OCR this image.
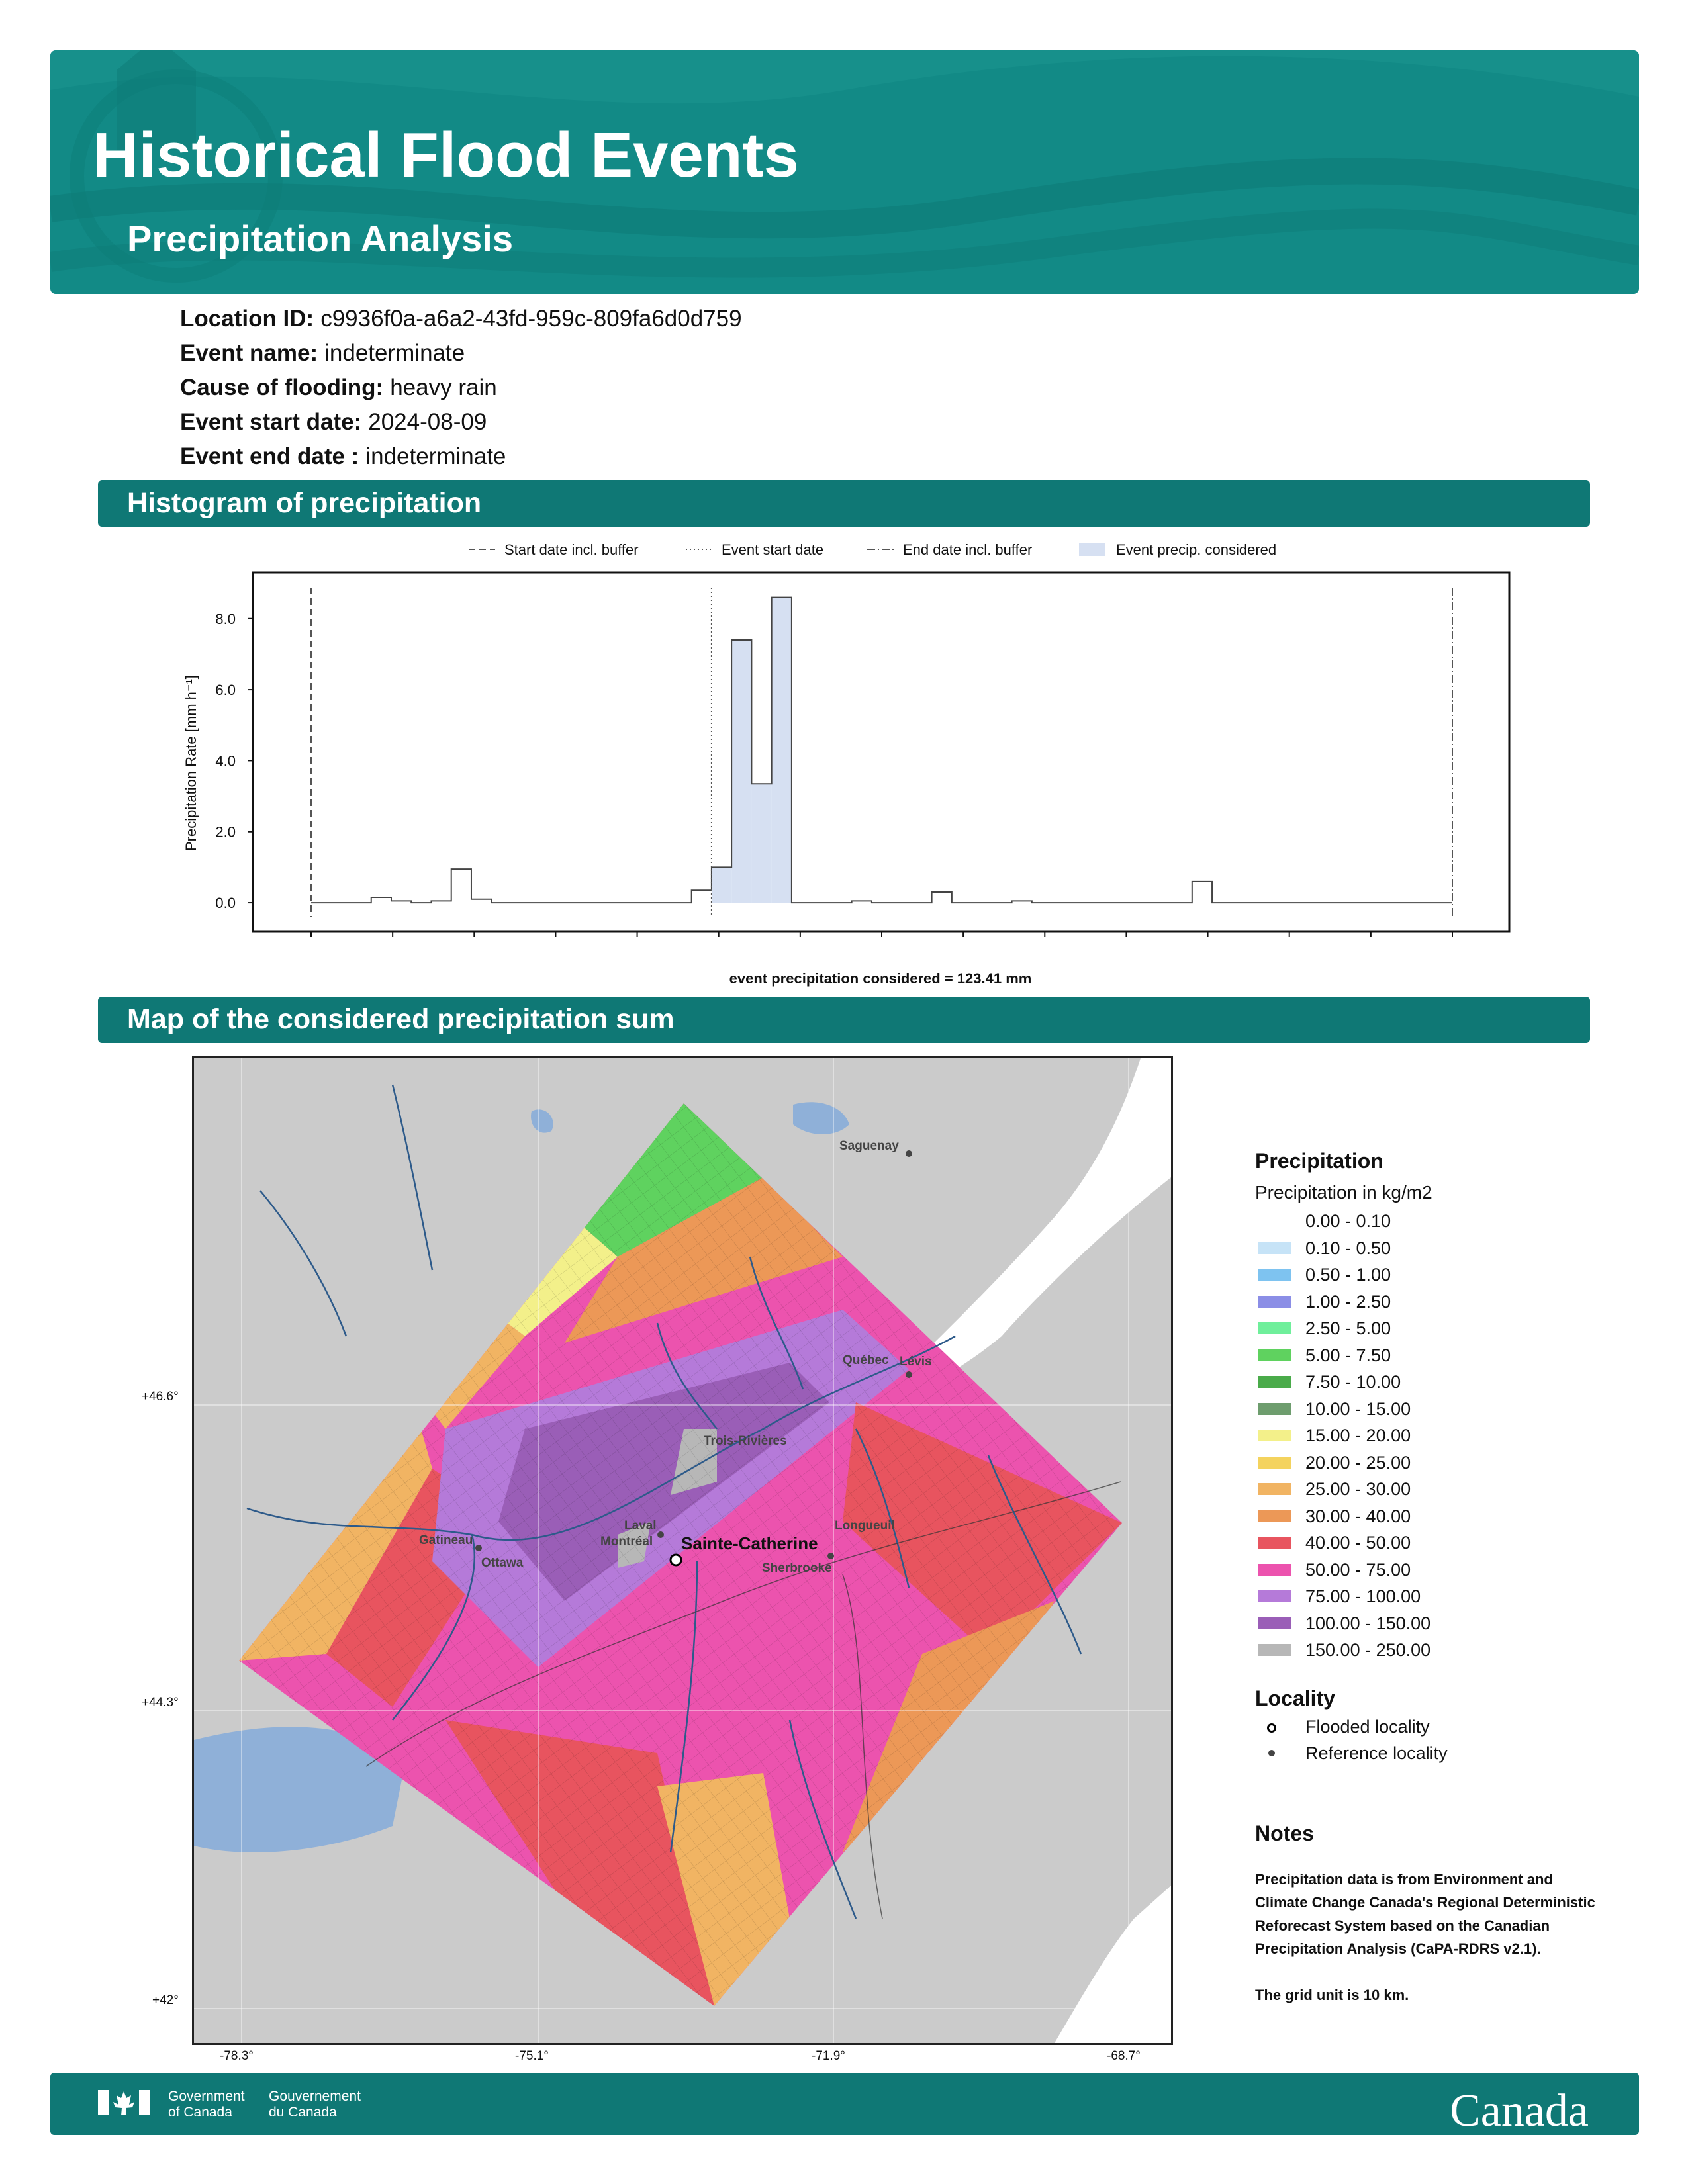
Historical Flood Events
Precipitation Analysis
Location ID: c9936f0a-a6a2-43fd-959c-809fa6d0d759
Event name: indeterminate
Cause of flooding: heavy rain
Event start date: 2024-08-09
Event end date : indeterminate
Histogram of precipitation
Start date incl. buffer	Event start date	End date incl. buffer	Event precip. considered
Precipitation Rate [mm h⁻¹]
0.0
2.0
4.0
6.0
8.0
event precipitation considered = 123.41 mm
Map of the considered precipitation sum
Québec Lévis
Saguenay
Trois-Rivières
Laval
Montréal
Longueuil
Gatineau
Ottawa	Sherbrooke
Sainte-Catherine
+46.6°
+44.3°
+42°
-78.3°	-75.1°	-71.9°	-68.7°
Precipitation
Precipitation in kg/m2
0.00 - 0.10
0.10 - 0.50
0.50 - 1.00
1.00 - 2.50
2.50 - 5.00
5.00 - 7.50
7.50 - 10.00
10.00 - 15.00
15.00 - 20.00
20.00 - 25.00
25.00 - 30.00
30.00 - 40.00
40.00 - 50.00
50.00 - 75.00
75.00 - 100.00
100.00 - 150.00
150.00 - 250.00
Locality
Flooded locality
Reference locality
Notes
Precipitation data is from Environment and Climate Change Canada's Regional Deterministic Reforecast System based on the Canadian Precipitation Analysis (CaPA-RDRS v2.1).
The grid unit is 10 km.
Government
of Canada
Gouvernement
du Canada	Canada
